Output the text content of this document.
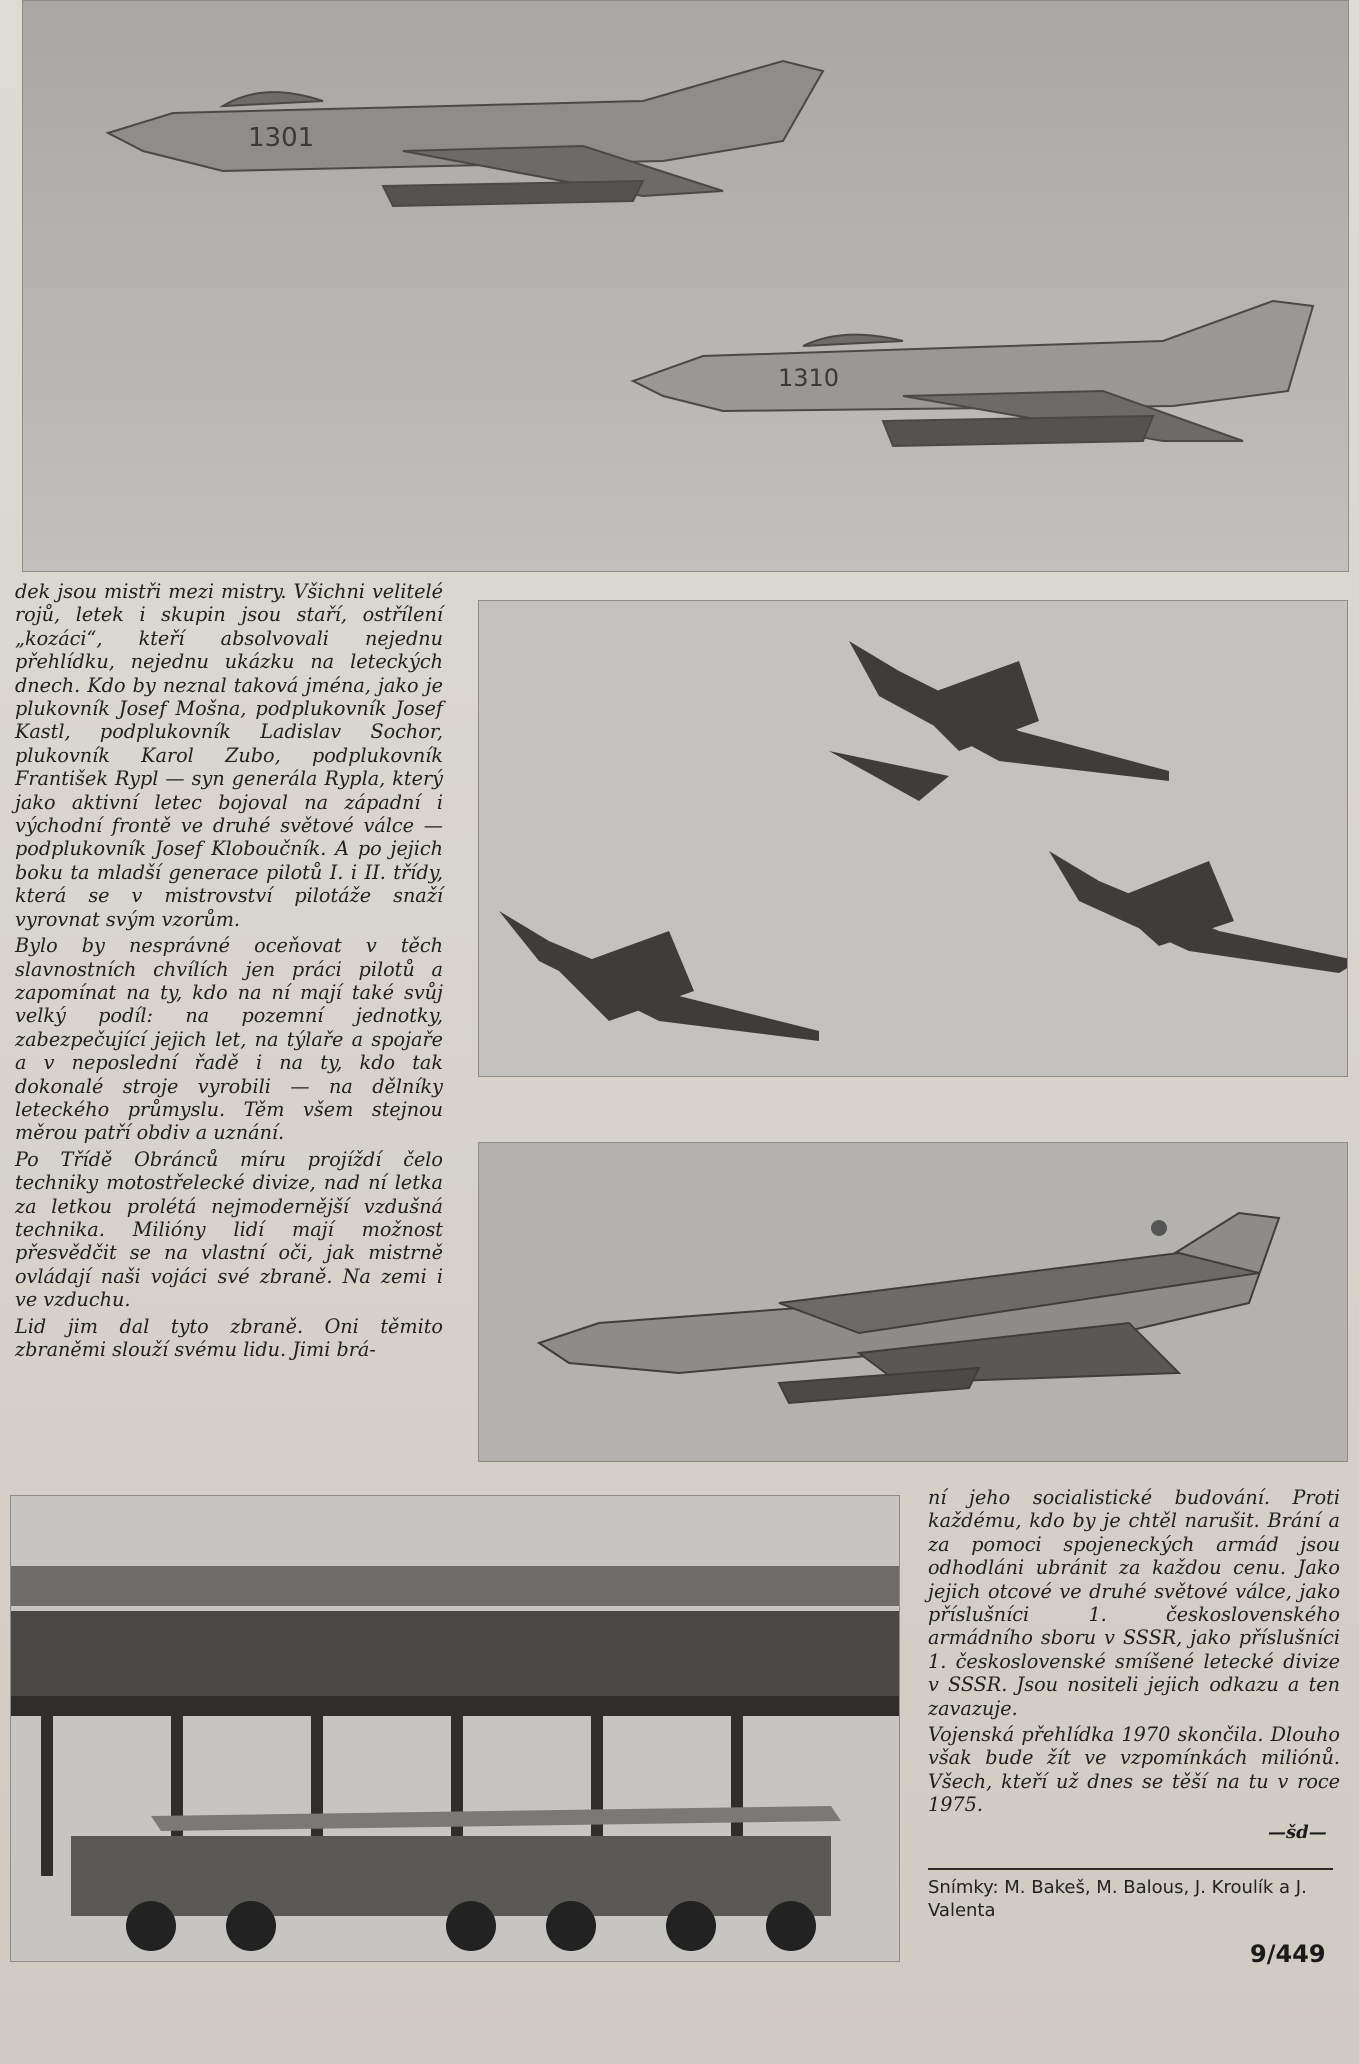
1301
1310

dek jsou mistři mezi mistry. Všichni velitelé rojů, letek i skupin jsou staří, ostřílení „kozáci“, kteří absolvovali nejednu přehlídku, nejednu ukázku na leteckých dnech. Kdo by neznal taková jména, jako je plukovník Josef Mošna, podplukovník Josef Kastl, podplukovník Ladislav Sochor, plukovník Karol Zubo, podplukovník František Rypl — syn generála Rypla, který jako aktivní letec bojoval na západní i východní frontě ve druhé světové válce — podplukovník Josef Kloboučník. A po jejich boku ta mladší generace pilotů I. i II. třídy, která se v mistrovství pilotáže snaží vyrovnat svým vzorům.

Bylo by nesprávné oceňovat v těch slavnostních chvílích jen práci pilotů a zapomínat na ty, kdo na ní mají také svůj velký podíl: na pozemní jednotky, zabezpečující jejich let, na týlaře a spojaře a v neposlední řadě i na ty, kdo tak dokonalé stroje vyrobili — na dělníky leteckého průmyslu. Těm všem stejnou měrou patří obdiv a uznání.

Po Třídě Obránců míru projíždí čelo techniky motostřelecké divize, nad ní letka za letkou prolétá nejmodernější vzdušná technika. Milióny lidí mají možnost přesvědčit se na vlastní oči, jak mistrně ovládají naši vojáci své zbraně. Na zemi i ve vzduchu.

Lid jim dal tyto zbraně. Oni těmito zbraněmi slouží svému lidu. Jimi brá-

ní jeho socialistické budování. Proti každému, kdo by je chtěl narušit. Brání a za pomoci spojeneckých armád jsou odhodláni ubránit za každou cenu. Jako jejich otcové ve druhé světové válce, jako příslušníci 1. československého armádního sboru v SSSR, jako příslušníci 1. československé smíšené letecké divize v SSSR. Jsou nositeli jejich odkazu a ten zavazuje.

Vojenská přehlídka 1970 skončila. Dlouho však bude žít ve vzpomínkách miliónů. Všech, kteří už dnes se těší na tu v roce 1975.

—šd—
Snímky: M. Bakeš, M. Balous, J. Kroulík a J. Valenta
9/449
